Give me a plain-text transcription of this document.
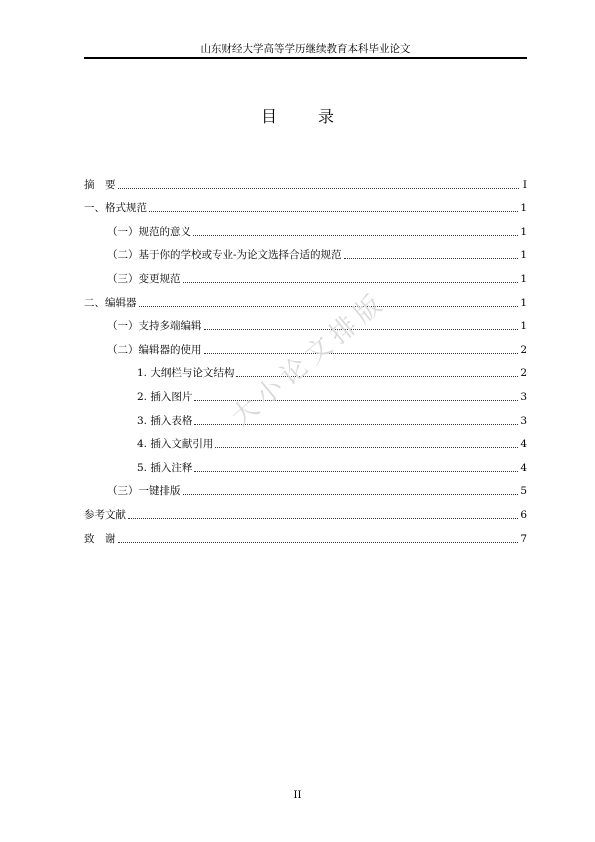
山东财经大学高等学历继续教育本科毕业论文
目 录
摘　要	I
一、格式规范	1
（一）规范的意义	1
（二）基于你的学校或专业-为论文选择合适的规范	1
（三）变更规范	1
二、编辑器	1
（一）支持多端编辑	1
（二）编辑器的使用	2
1. 大纲栏与论文结构	2
2. 插入图片	3
3. 插入表格	3
4. 插入文献引用	4
5. 插入注释	4
（三）一键排版	5
参考文献	6
致　谢	7
大小论文排版
II
